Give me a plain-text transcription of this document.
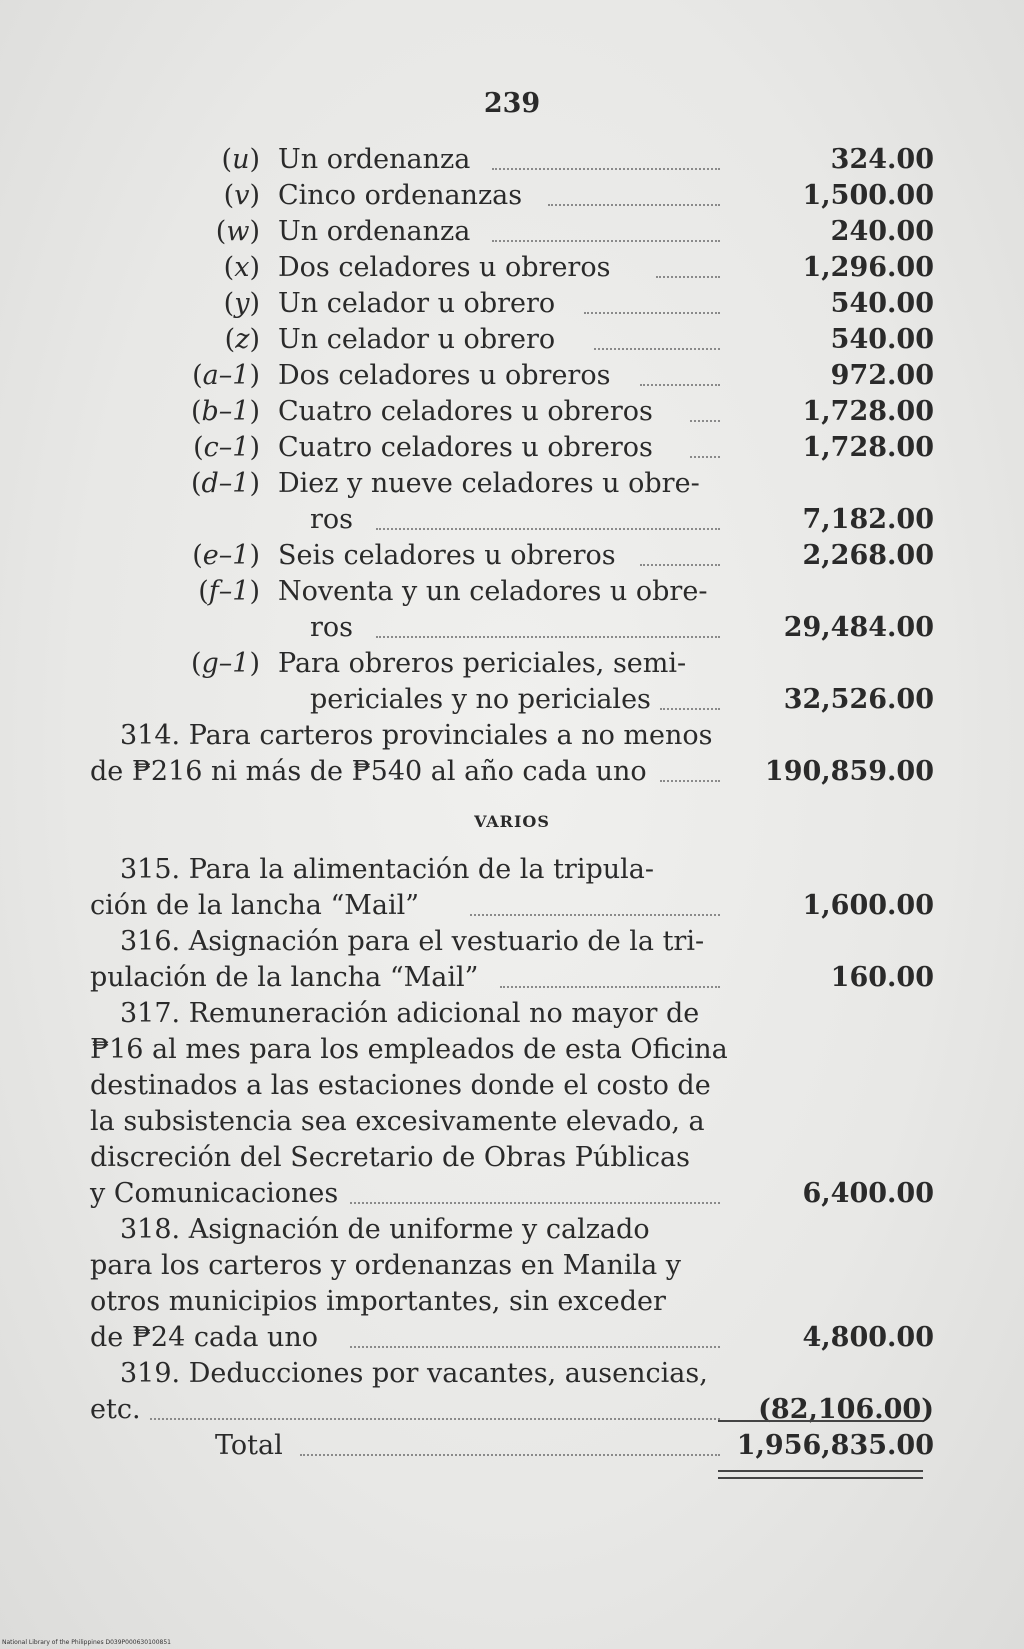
239
(u) Un ordenanza	324.00
(v) Cinco ordenanzas	1,500.00
(w) Un ordenanza	240.00
(x) Dos celadores u obreros	1,296.00
(y) Un celador u obrero	540.00
(z) Un celador u obrero	540.00
(a–1) Dos celadores u obreros	972.00
(b–1) Cuatro celadores u obreros	1,728.00
(c–1) Cuatro celadores u obreros	1,728.00
(d–1) Diez y nueve celadores u obre-
ros	7,182.00
(e–1) Seis celadores u obreros	2,268.00
(f–1) Noventa y un celadores u obre-
ros	29,484.00
(g–1) Para obreros periciales, semi-
periciales y no periciales	32,526.00
314. Para carteros provinciales a no menos
de ₱216 ni más de ₱540 al año cada uno	190,859.00
VARIOS
315. Para la alimentación de la tripula-
ción de la lancha “Mail”	1,600.00
316. Asignación para el vestuario de la tri-
pulación de la lancha “Mail”	160.00
317. Remuneración adicional no mayor de
₱16 al mes para los empleados de esta Oficina
destinados a las estaciones donde el costo de
la subsistencia sea excesivamente elevado, a
discreción del Secretario de Obras Públicas
y Comunicaciones	6,400.00
318. Asignación de uniforme y calzado
para los carteros y ordenanzas en Manila y
otros municipios importantes, sin exceder
de ₱24 cada uno	4,800.00
319. Deducciones por vacantes, ausencias,
etc.	(82,106.00)
Total	1,956,835.00
National Library of the Philippines D039P000630100851
